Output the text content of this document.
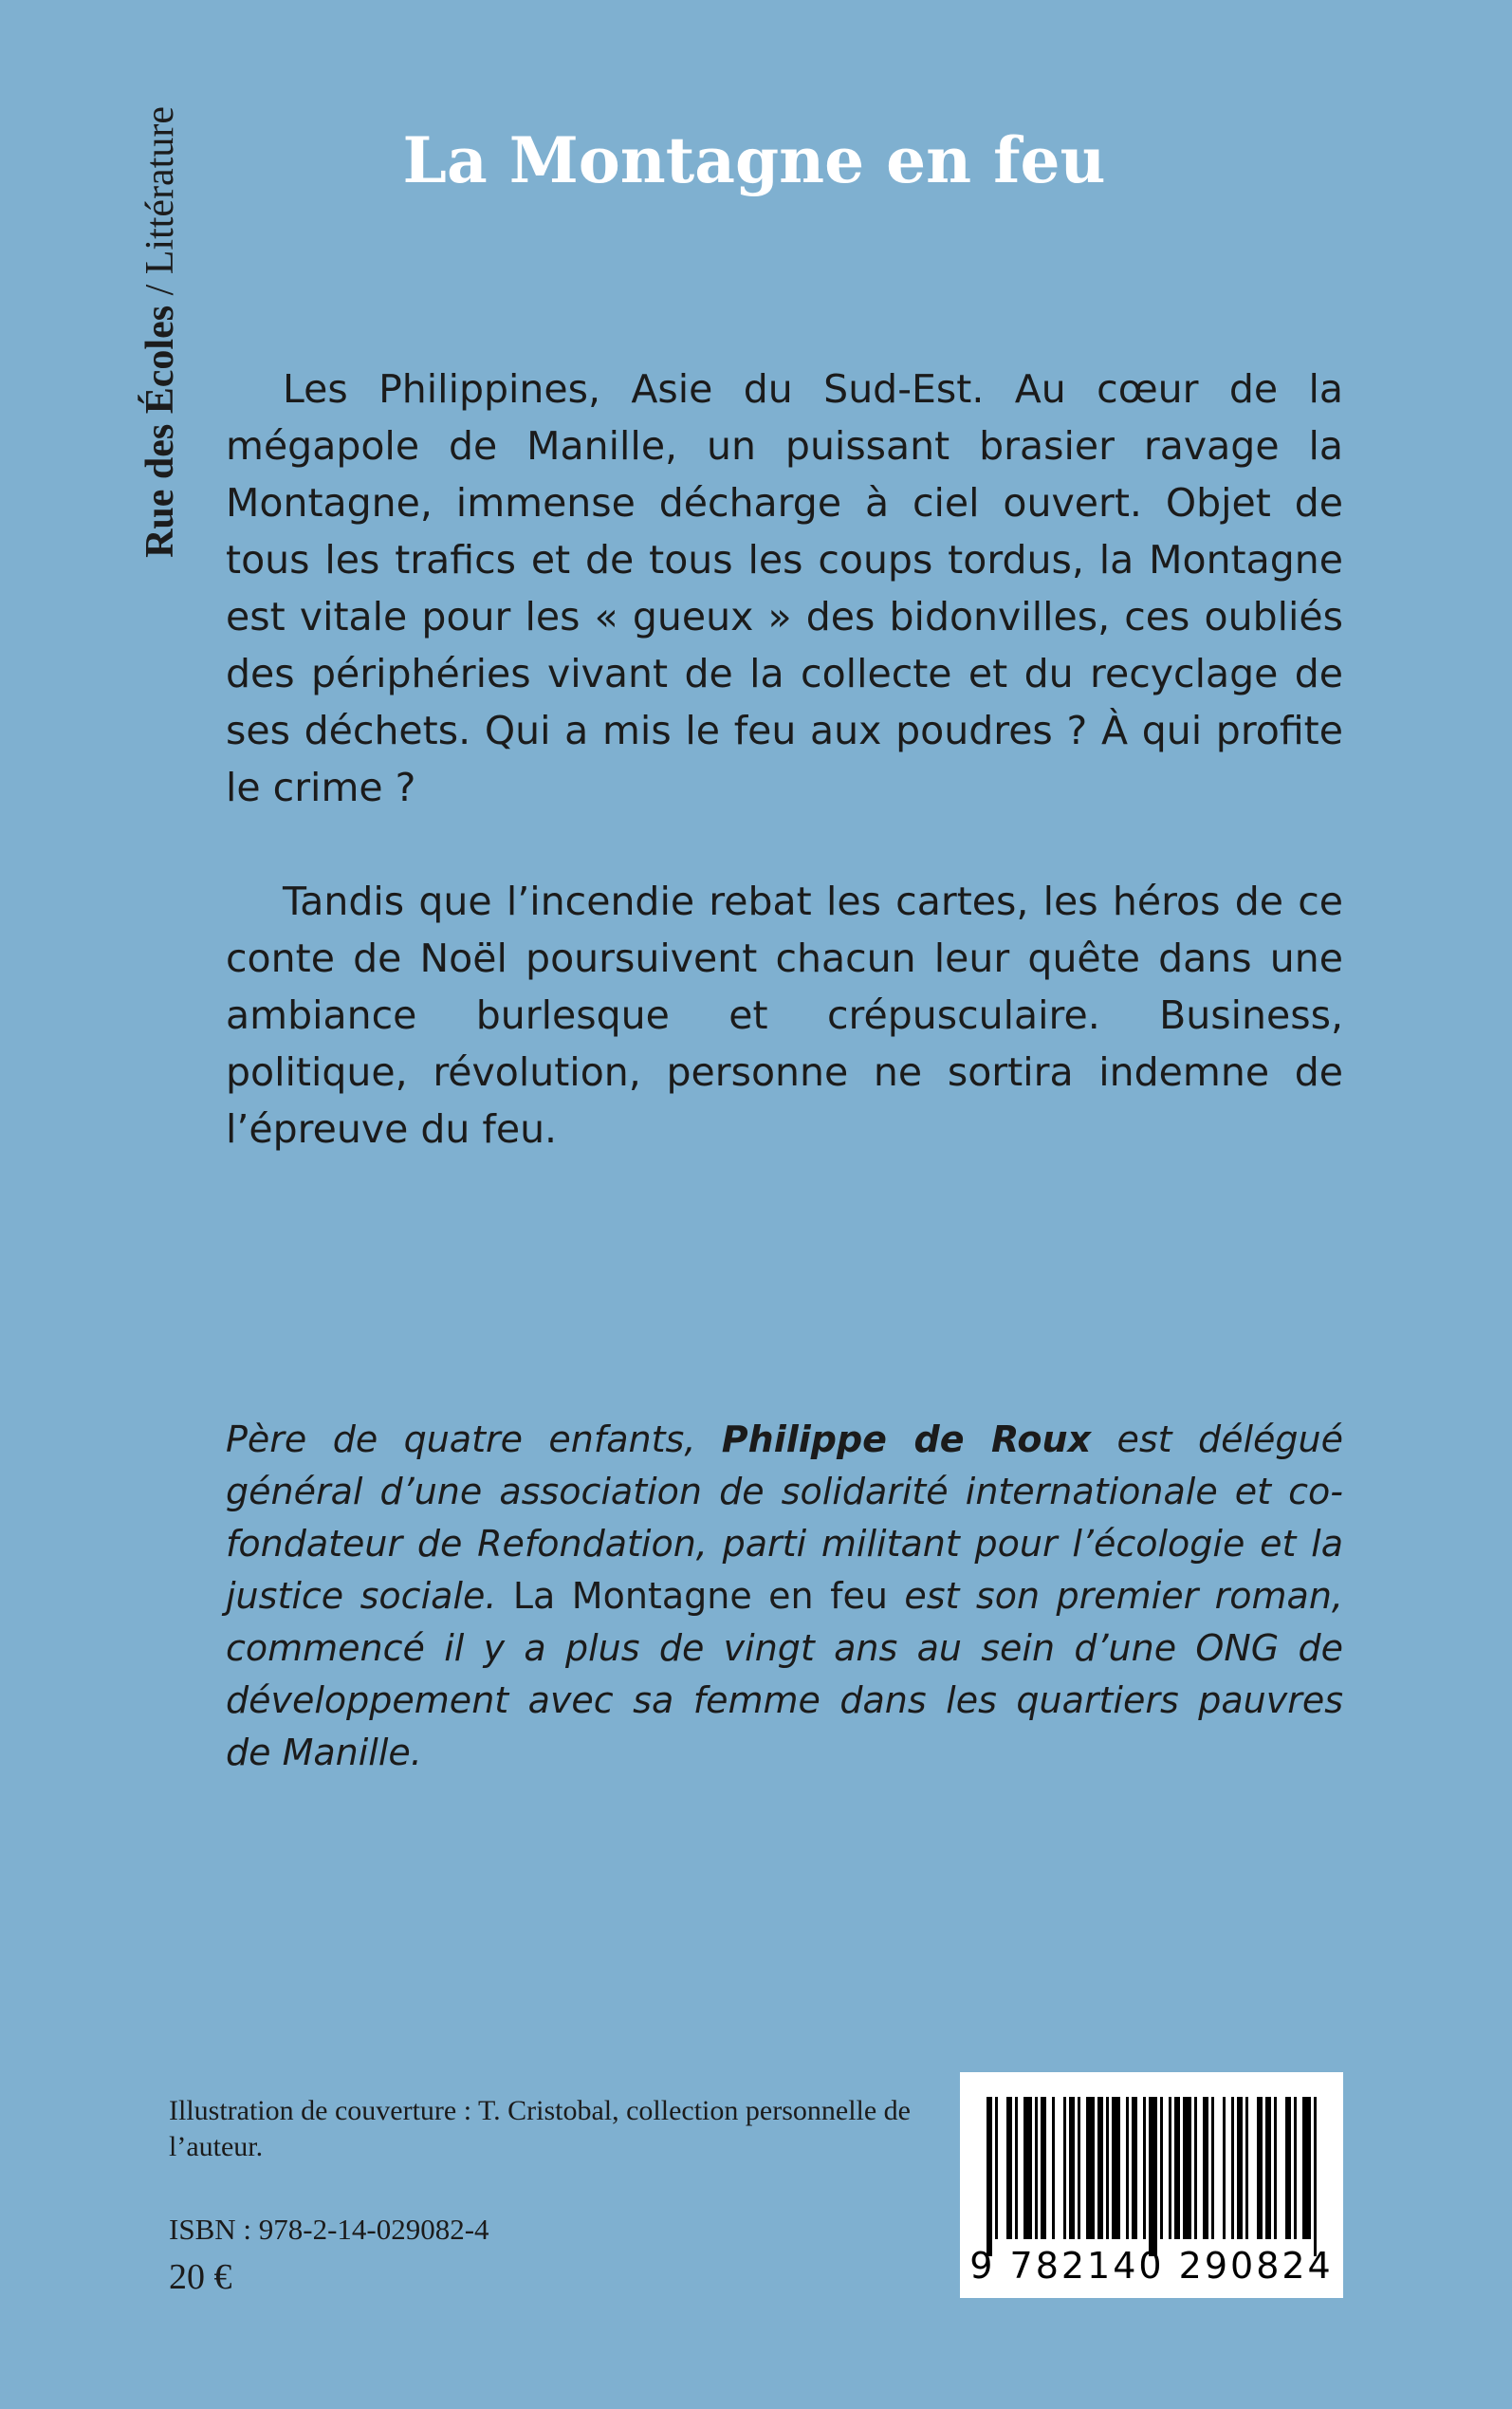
Rue des Écoles / Littérature	La Montagne en feu

Les Philippines, Asie du Sud-Est. Au cœur de la mégapole de Manille, un puissant brasier ravage la Montagne, immense décharge à ciel ouvert. Objet de tous les trafics et de tous les coups tordus, la Montagne est vitale pour les « gueux » des bidonvilles, ces oubliés des périphéries vivant de la collecte et du recyclage de ses déchets. Qui a mis le feu aux poudres ? À qui profite le crime ?

Tandis que l’incendie rebat les cartes, les héros de ce conte de Noël poursuivent chacun leur quête dans une ambiance burlesque et crépusculaire. Business, politique, révolution, personne ne sortira indemne de l’épreuve du feu.

Père de quatre enfants, Philippe de Roux est délégué général d’une association de solidarité internationale et co-fondateur de Refondation, parti militant pour l’écologie et la justice sociale. La Montagne en feu est son premier roman, commencé il y a plus de vingt ans au sein d’une ONG de développement avec sa femme dans les quartiers pauvres de Manille.

Illustration de couverture : T. Cristobal, collection personnelle de l’auteur.
ISBN : 978-2-14-029082-4
20 €	9 782140 290824
